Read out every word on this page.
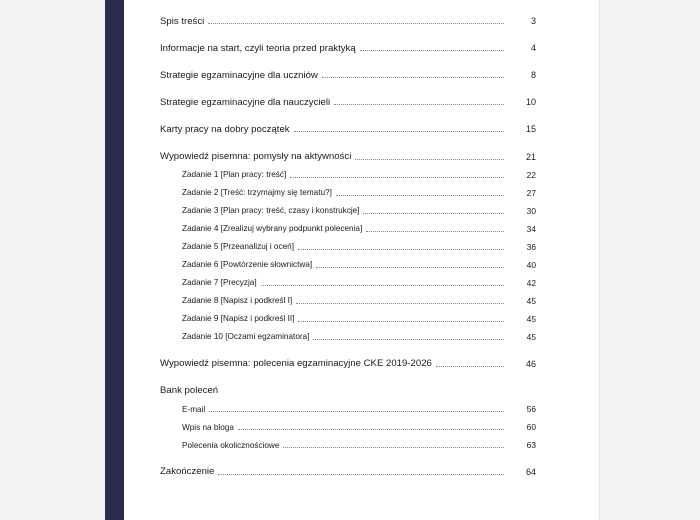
Spis treści	3
Informacje na start, czyli teoria przed praktyką	4
Strategie egzaminacyjne dla uczniów	8
Strategie egzaminacyjne dla nauczycieli	10
Karty pracy na dobry początek	15
Wypowiedź pisemna: pomysły na aktywności	21
Zadanie 1 [Plan pracy: treść]	22
Zadanie 2 [Treść: trzymajmy się tematu?]	27
Zadanie 3 [Plan pracy: treść, czasy i konstrukcje]	30
Zadanie 4 [Zrealizuj wybrany podpunkt polecenia]	34
Zadanie 5 [Przeanalizuj i oceń]	36
Zadanie 6 [Powtórzenie słownictwa]	40
Zadanie 7 [Precyzja]	42
Zadanie 8 [Napisz i podkreśl I]	45
Zadanie 9 [Napisz i podkreśl II]	45
Zadanie 10 [Oczami egzaminatora]	45
Wypowiedź pisemna: polecenia egzaminacyjne CKE 2019-2026	46
Bank poleceń
E-mail	56
Wpis na bloga	60
Polecenia okolicznościowe	63
Zakończenie	64
